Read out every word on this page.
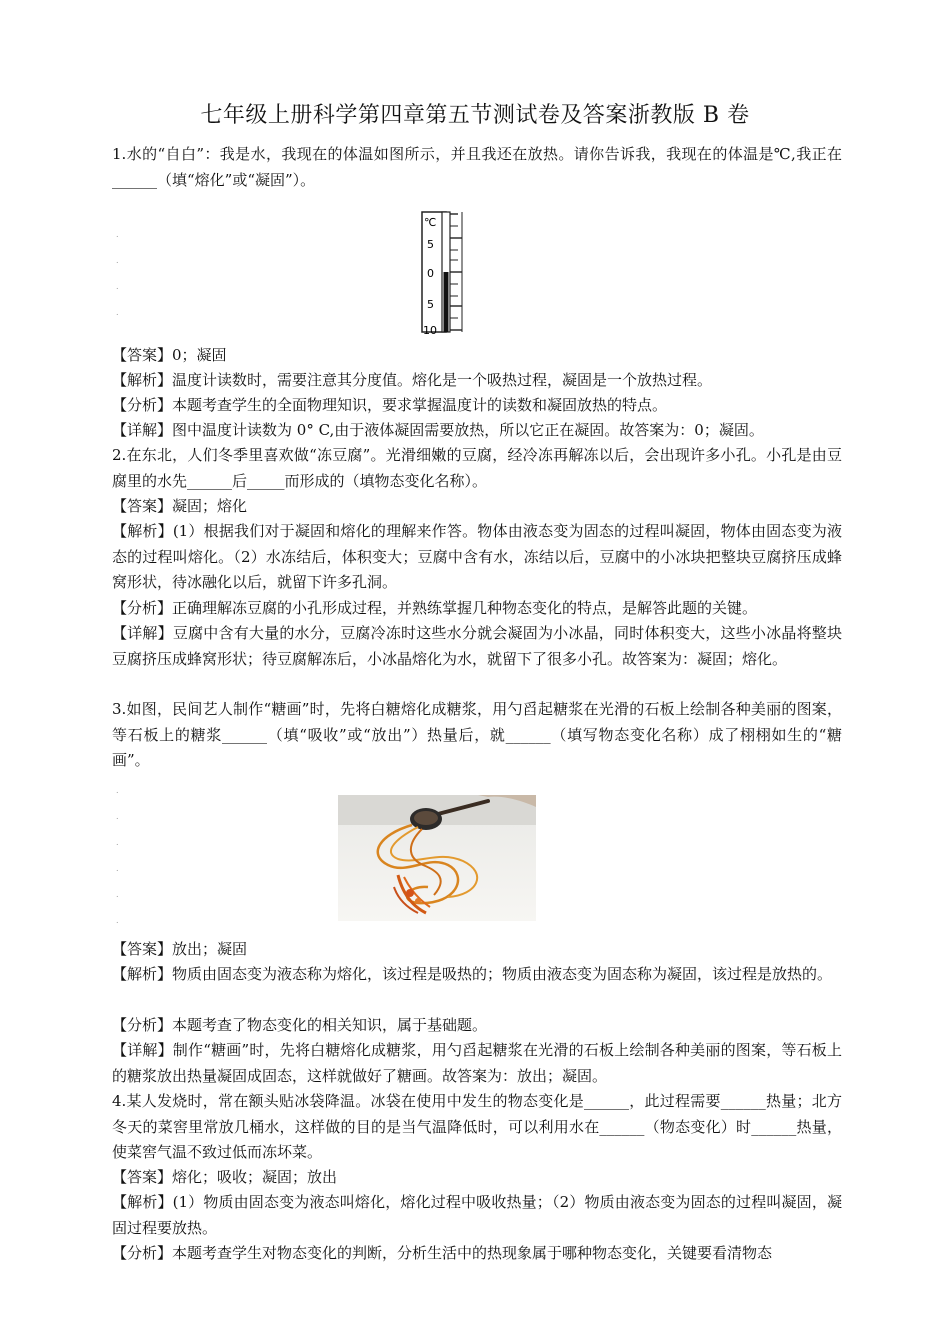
七年级上册科学第四章第五节测试卷及答案浙教版 B 卷
1.水的“自白”：我是水，我现在的体温如图所示，并且我还在放热。请你告诉我，我现在的体温是℃,我正在______（填“熔化”或“凝固”）。
.
.
.
.
℃
5
0
5
10
【答案】0；凝固
【解析】温度计读数时，需要注意其分度值。熔化是一个吸热过程，凝固是一个放热过程。
【分析】本题考查学生的全面物理知识，要求掌握温度计的读数和凝固放热的特点。
【详解】图中温度计读数为 0° C,由于液体凝固需要放热，所以它正在凝固。故答案为：0；凝固。
2.在东北，人们冬季里喜欢做“冻豆腐”。光滑细嫩的豆腐，经冷冻再解冻以后，会出现许多小孔。小孔是由豆腐里的水先______后_____而形成的（填物态变化名称）。
【答案】凝固；熔化
【解析】(1）根据我们对于凝固和熔化的理解来作答。物体由液态变为固态的过程叫凝固，物体由固态变为液态的过程叫熔化。（2）水冻结后，体积变大；豆腐中含有水，冻结以后，豆腐中的小冰块把整块豆腐挤压成蜂窝形状，待冰融化以后，就留下许多孔洞。
【分析】正确理解冻豆腐的小孔形成过程，并熟练掌握几种物态变化的特点，是解答此题的关键。
【详解】豆腐中含有大量的水分，豆腐冷冻时这些水分就会凝固为小冰晶，同时体积变大，这些小冰晶将整块豆腐挤压成蜂窝形状；待豆腐解冻后，小冰晶熔化为水，就留下了很多小孔。故答案为：凝固；熔化。
3.如图，民间艺人制作“糖画”时，先将白糖熔化成糖浆，用勺舀起糖浆在光滑的石板上绘制各种美丽的图案，等石板上的糖浆______（填“吸收”或“放出”）热量后，就______（填写物态变化名称）成了栩栩如生的“糖画”。
.
.
.
.
.
.
【答案】放出；凝固
【解析】物质由固态变为液态称为熔化，该过程是吸热的；物质由液态变为固态称为凝固，该过程是放热的。
【分析】本题考查了物态变化的相关知识，属于基础题。
【详解】制作“糖画”时，先将白糖熔化成糖浆，用勺舀起糖浆在光滑的石板上绘制各种美丽的图案，等石板上的糖浆放出热量凝固成固态，这样就做好了糖画。故答案为：放出；凝固。
4.某人发烧时，常在额头贴冰袋降温。冰袋在使用中发生的物态变化是______，此过程需要______热量；北方冬天的菜窖里常放几桶水，这样做的目的是当气温降低时，可以利用水在______（物态变化）时______热量，使菜窖气温不致过低而冻坏菜。
【答案】熔化；吸收；凝固；放出
【解析】(1）物质由固态变为液态叫熔化，熔化过程中吸收热量；（2）物质由液态变为固态的过程叫凝固，凝固过程要放热。
【分析】本题考查学生对物态变化的判断，分析生活中的热现象属于哪种物态变化，关键要看清物态
